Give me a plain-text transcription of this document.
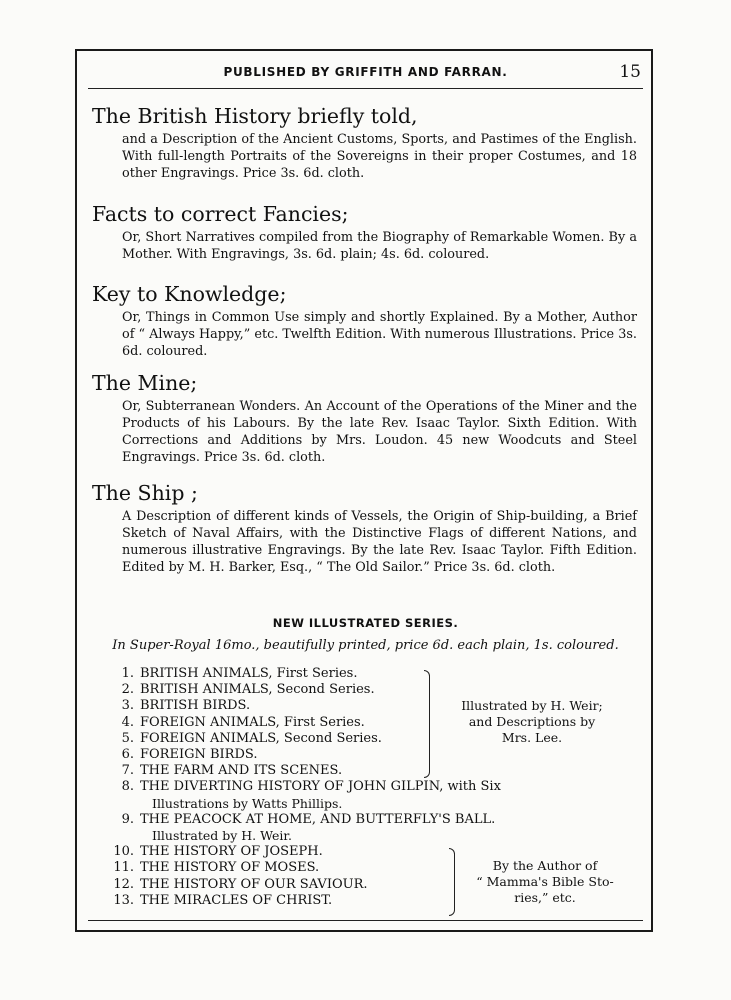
PUBLISHED BY GRIFFITH AND FARRAN.	15
The British History briefly told,
and a Description of the Ancient Customs, Sports, and Pastimes of the English. With full-length Portraits of the Sovereigns in their proper Costumes, and 18 other Engravings. Price 3s. 6d. cloth.
Facts to correct Fancies;
Or, Short Narratives compiled from the Biography of Remarkable Women. By a Mother. With Engravings, 3s. 6d. plain; 4s. 6d. coloured.
Key to Knowledge;
Or, Things in Common Use simply and shortly Explained. By a Mother, Author of “ Always Happy,” etc. Twelfth Edition. With numerous Illustrations. Price 3s. 6d. coloured.
The Mine;
Or, Subterranean Wonders. An Account of the Operations of the Miner and the Products of his Labours. By the late Rev. Isaac Taylor. Sixth Edition. With Corrections and Additions by Mrs. Loudon. 45 new Woodcuts and Steel Engravings. Price 3s. 6d. cloth.
The Ship ;
A Description of different kinds of Vessels, the Origin of Ship-building, a Brief Sketch of Naval Affairs, with the Distinctive Flags of different Nations, and numerous illustrative Engravings. By the late Rev. Isaac Taylor. Fifth Edition. Edited by M. H. Barker, Esq., “ The Old Sailor.” Price 3s. 6d. cloth.
NEW ILLUSTRATED SERIES.
In Super-Royal 16mo., beautifully printed, price 6d. each plain, 1s. coloured.
1. BRITISH ANIMALS, First Series.
2. BRITISH ANIMALS, Second Series.
3. BRITISH BIRDS.
4. FOREIGN ANIMALS, First Series.
5. FOREIGN ANIMALS, Second Series.
6. FOREIGN BIRDS.
7. THE FARM AND ITS SCENES.
8. THE DIVERTING HISTORY OF JOHN GILPIN, with Six
Illustrations by Watts Phillips.
9. THE PEACOCK AT HOME, AND BUTTERFLY'S BALL.
Illustrated by H. Weir.
10. THE HISTORY OF JOSEPH.
11. THE HISTORY OF MOSES.
12. THE HISTORY OF OUR SAVIOUR.
13. THE MIRACLES OF CHRIST.
Illustrated by H. Weir;
and Descriptions by
Mrs. Lee.
By the Author of
“ Mamma's Bible Sto-
ries,” etc.
